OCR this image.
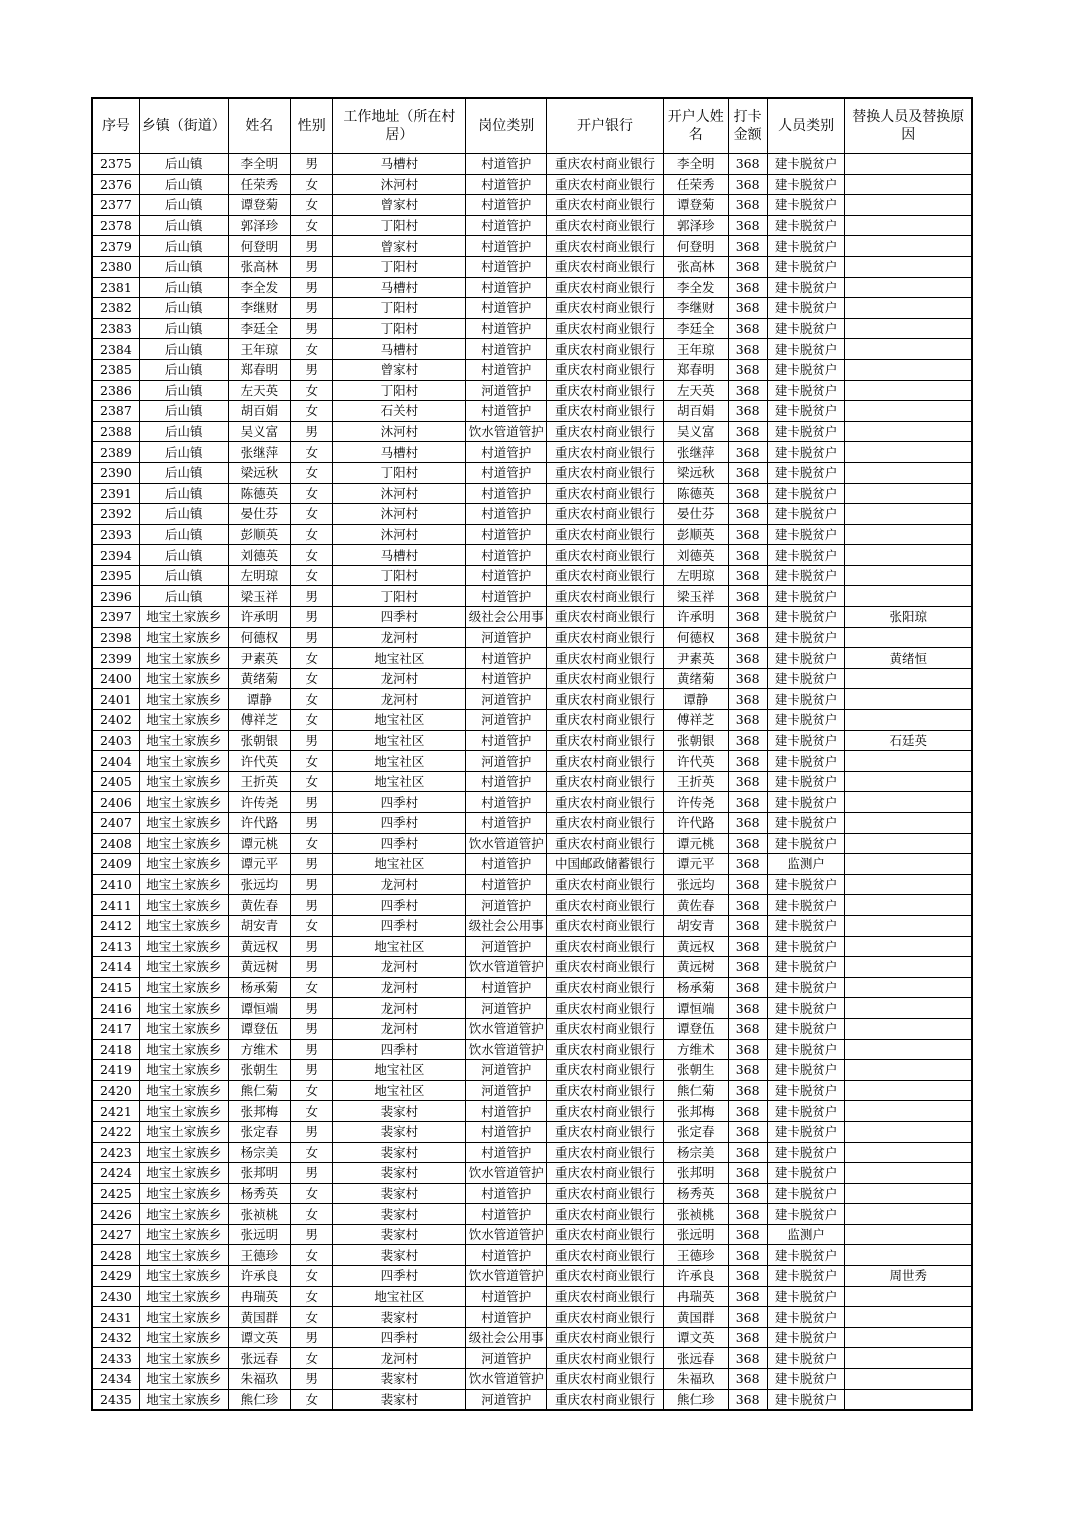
序号	乡镇（街道）	姓名	性别	工作地址（所在村居）	岗位类别	开户银行	开户人姓名	打卡金额	人员类别	替换人员及替换原因
2375	后山镇	李全明	男	马槽村	村道管护	重庆农村商业银行	李全明	368	建卡脱贫户	
2376	后山镇	任荣秀	女	沐河村	村道管护	重庆农村商业银行	任荣秀	368	建卡脱贫户	
2377	后山镇	谭登菊	女	曾家村	村道管护	重庆农村商业银行	谭登菊	368	建卡脱贫户	
2378	后山镇	郭泽珍	女	丁阳村	村道管护	重庆农村商业银行	郭泽珍	368	建卡脱贫户	
2379	后山镇	何登明	男	曾家村	村道管护	重庆农村商业银行	何登明	368	建卡脱贫户	
2380	后山镇	张高林	男	丁阳村	村道管护	重庆农村商业银行	张高林	368	建卡脱贫户	
2381	后山镇	李全发	男	马槽村	村道管护	重庆农村商业银行	李全发	368	建卡脱贫户	
2382	后山镇	李继财	男	丁阳村	村道管护	重庆农村商业银行	李继财	368	建卡脱贫户	
2383	后山镇	李廷全	男	丁阳村	村道管护	重庆农村商业银行	李廷全	368	建卡脱贫户	
2384	后山镇	王年琼	女	马槽村	村道管护	重庆农村商业银行	王年琼	368	建卡脱贫户	
2385	后山镇	郑春明	男	曾家村	村道管护	重庆农村商业银行	郑春明	368	建卡脱贫户	
2386	后山镇	左天英	女	丁阳村	河道管护	重庆农村商业银行	左天英	368	建卡脱贫户	
2387	后山镇	胡百娟	女	石关村	村道管护	重庆农村商业银行	胡百娟	368	建卡脱贫户	
2388	后山镇	吴义富	男	沐河村	饮水管道管护	重庆农村商业银行	吴义富	368	建卡脱贫户	
2389	后山镇	张继萍	女	马槽村	村道管护	重庆农村商业银行	张继萍	368	建卡脱贫户	
2390	后山镇	梁远秋	女	丁阳村	村道管护	重庆农村商业银行	梁远秋	368	建卡脱贫户	
2391	后山镇	陈德英	女	沐河村	村道管护	重庆农村商业银行	陈德英	368	建卡脱贫户	
2392	后山镇	晏仕芬	女	沐河村	村道管护	重庆农村商业银行	晏仕芬	368	建卡脱贫户	
2393	后山镇	彭顺英	女	沐河村	村道管护	重庆农村商业银行	彭顺英	368	建卡脱贫户	
2394	后山镇	刘德英	女	马槽村	村道管护	重庆农村商业银行	刘德英	368	建卡脱贫户	
2395	后山镇	左明琼	女	丁阳村	村道管护	重庆农村商业银行	左明琼	368	建卡脱贫户	
2396	后山镇	梁玉祥	男	丁阳村	村道管护	重庆农村商业银行	梁玉祥	368	建卡脱贫户	
2397	地宝土家族乡	许承明	男	四季村	级社会公用事	重庆农村商业银行	许承明	368	建卡脱贫户	张阳琼
2398	地宝土家族乡	何德权	男	龙河村	河道管护	重庆农村商业银行	何德权	368	建卡脱贫户	
2399	地宝土家族乡	尹素英	女	地宝社区	村道管护	重庆农村商业银行	尹素英	368	建卡脱贫户	黄绪恒
2400	地宝土家族乡	黄绪菊	女	龙河村	村道管护	重庆农村商业银行	黄绪菊	368	建卡脱贫户	
2401	地宝土家族乡	谭静	女	龙河村	河道管护	重庆农村商业银行	谭静	368	建卡脱贫户	
2402	地宝土家族乡	傅祥芝	女	地宝社区	河道管护	重庆农村商业银行	傅祥芝	368	建卡脱贫户	
2403	地宝土家族乡	张朝银	男	地宝社区	村道管护	重庆农村商业银行	张朝银	368	建卡脱贫户	石廷英
2404	地宝土家族乡	许代英	女	地宝社区	河道管护	重庆农村商业银行	许代英	368	建卡脱贫户	
2405	地宝土家族乡	王折英	女	地宝社区	村道管护	重庆农村商业银行	王折英	368	建卡脱贫户	
2406	地宝土家族乡	许传尧	男	四季村	村道管护	重庆农村商业银行	许传尧	368	建卡脱贫户	
2407	地宝土家族乡	许代路	男	四季村	村道管护	重庆农村商业银行	许代路	368	建卡脱贫户	
2408	地宝土家族乡	谭元桃	女	四季村	饮水管道管护	重庆农村商业银行	谭元桃	368	建卡脱贫户	
2409	地宝土家族乡	谭元平	男	地宝社区	村道管护	中国邮政储蓄银行	谭元平	368	监测户	
2410	地宝土家族乡	张远均	男	龙河村	村道管护	重庆农村商业银行	张远均	368	建卡脱贫户	
2411	地宝土家族乡	黄佐春	男	四季村	河道管护	重庆农村商业银行	黄佐春	368	建卡脱贫户	
2412	地宝土家族乡	胡安青	女	四季村	级社会公用事	重庆农村商业银行	胡安青	368	建卡脱贫户	
2413	地宝土家族乡	黄远权	男	地宝社区	河道管护	重庆农村商业银行	黄远权	368	建卡脱贫户	
2414	地宝土家族乡	黄远树	男	龙河村	饮水管道管护	重庆农村商业银行	黄远树	368	建卡脱贫户	
2415	地宝土家族乡	杨承菊	女	龙河村	村道管护	重庆农村商业银行	杨承菊	368	建卡脱贫户	
2416	地宝土家族乡	谭恒端	男	龙河村	河道管护	重庆农村商业银行	谭恒端	368	建卡脱贫户	
2417	地宝土家族乡	谭登伍	男	龙河村	饮水管道管护	重庆农村商业银行	谭登伍	368	建卡脱贫户	
2418	地宝土家族乡	方维术	男	四季村	饮水管道管护	重庆农村商业银行	方维术	368	建卡脱贫户	
2419	地宝土家族乡	张朝生	男	地宝社区	河道管护	重庆农村商业银行	张朝生	368	建卡脱贫户	
2420	地宝土家族乡	熊仁菊	女	地宝社区	河道管护	重庆农村商业银行	熊仁菊	368	建卡脱贫户	
2421	地宝土家族乡	张邦梅	女	裴家村	村道管护	重庆农村商业银行	张邦梅	368	建卡脱贫户	
2422	地宝土家族乡	张定春	男	裴家村	村道管护	重庆农村商业银行	张定春	368	建卡脱贫户	
2423	地宝土家族乡	杨宗美	女	裴家村	村道管护	重庆农村商业银行	杨宗美	368	建卡脱贫户	
2424	地宝土家族乡	张邦明	男	裴家村	饮水管道管护	重庆农村商业银行	张邦明	368	建卡脱贫户	
2425	地宝土家族乡	杨秀英	女	裴家村	村道管护	重庆农村商业银行	杨秀英	368	建卡脱贫户	
2426	地宝土家族乡	张祯桃	女	裴家村	村道管护	重庆农村商业银行	张祯桃	368	建卡脱贫户	
2427	地宝土家族乡	张远明	男	裴家村	饮水管道管护	重庆农村商业银行	张远明	368	监测户	
2428	地宝土家族乡	王德珍	女	裴家村	村道管护	重庆农村商业银行	王德珍	368	建卡脱贫户	
2429	地宝土家族乡	许承良	女	四季村	饮水管道管护	重庆农村商业银行	许承良	368	建卡脱贫户	周世秀
2430	地宝土家族乡	冉瑞英	女	地宝社区	村道管护	重庆农村商业银行	冉瑞英	368	建卡脱贫户	
2431	地宝土家族乡	黄国群	女	裴家村	村道管护	重庆农村商业银行	黄国群	368	建卡脱贫户	
2432	地宝土家族乡	谭文英	男	四季村	级社会公用事	重庆农村商业银行	谭文英	368	建卡脱贫户	
2433	地宝土家族乡	张远春	女	龙河村	河道管护	重庆农村商业银行	张远春	368	建卡脱贫户	
2434	地宝土家族乡	朱福玖	男	裴家村	饮水管道管护	重庆农村商业银行	朱福玖	368	建卡脱贫户	
2435	地宝土家族乡	熊仁珍	女	裴家村	河道管护	重庆农村商业银行	熊仁珍	368	建卡脱贫户	
